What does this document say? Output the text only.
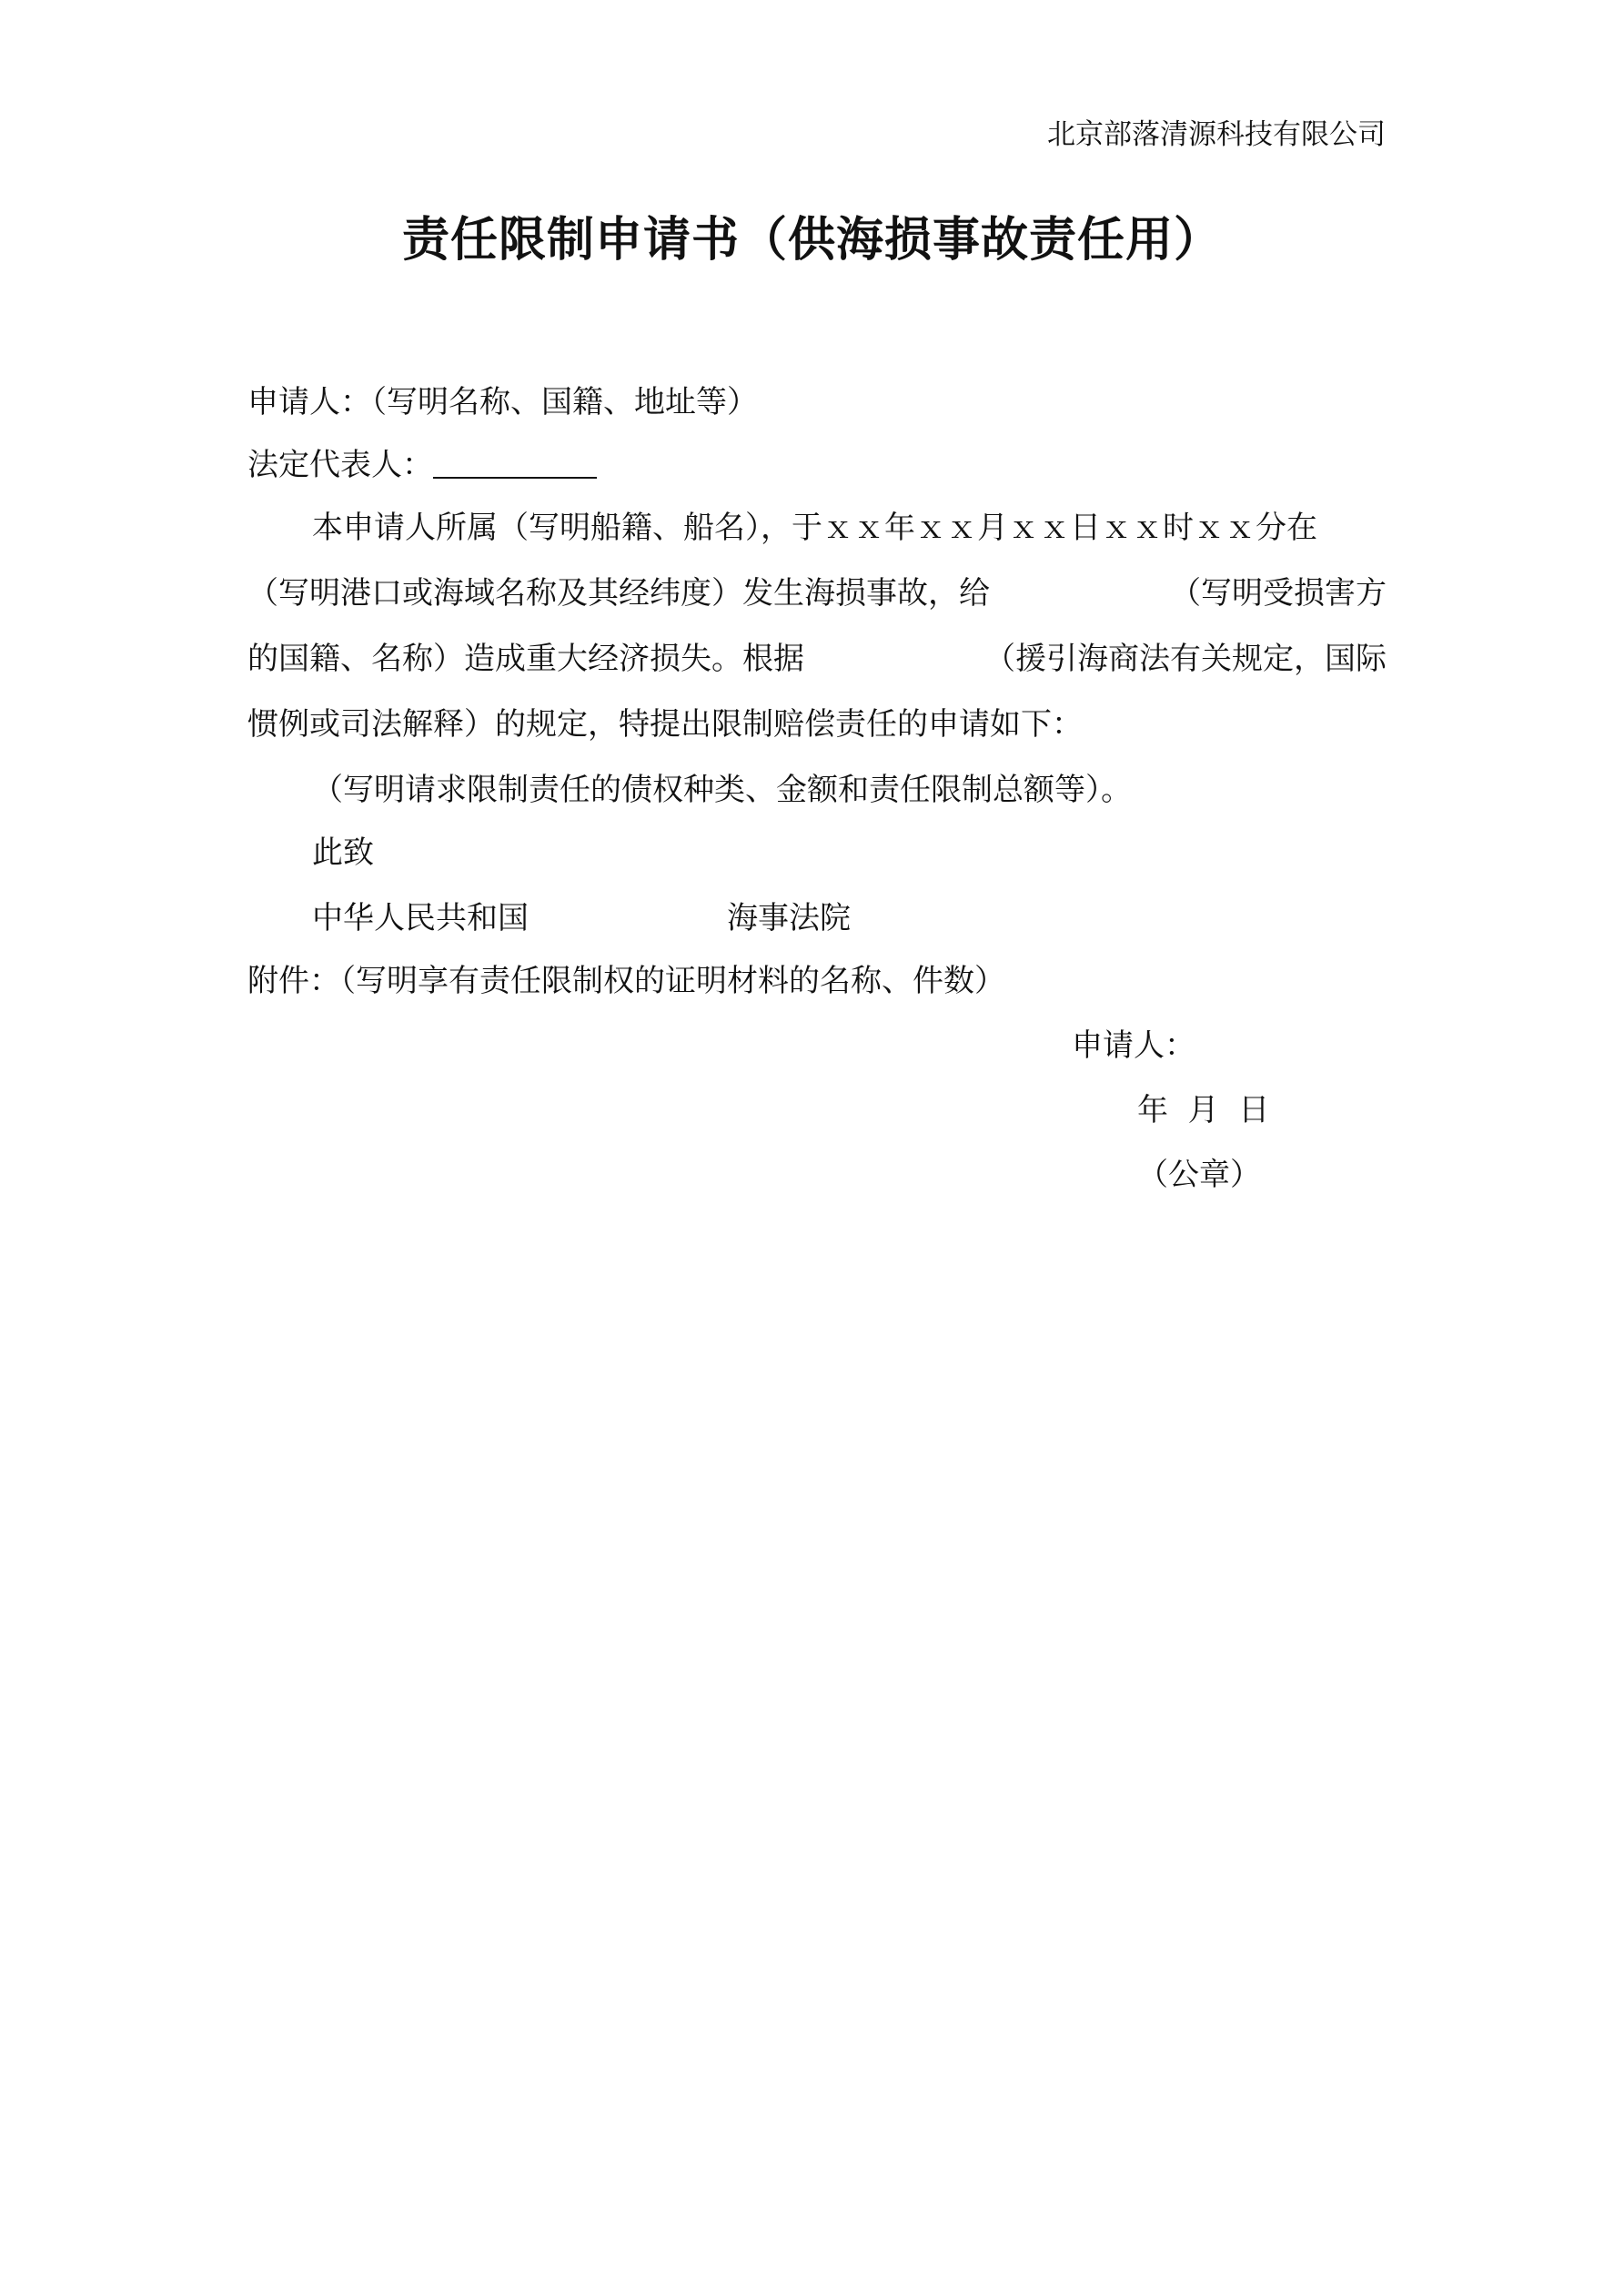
北京部落清源科技有限公司
责任限制申请书（供海损事故责任用）
申请人：（写明名称、国籍、地址等）
法定代表人：
本申请人所属（写明船籍、船名），于ｘｘ年ｘｘ月ｘｘ日ｘｘ时ｘｘ分在
（写明港口或海域名称及其经纬度）发生海损事故，给	（写明受损害方
的国籍、名称）造成重大经济损失。根据	（援引海商法有关规定，国际
惯例或司法解释）的规定，特提出限制赔偿责任的申请如下：
（写明请求限制责任的债权种类、金额和责任限制总额等）。
此致
中华人民共和国	海事法院
附件：（写明享有责任限制权的证明材料的名称、件数）
申请人：
年  月  日
（公章）
